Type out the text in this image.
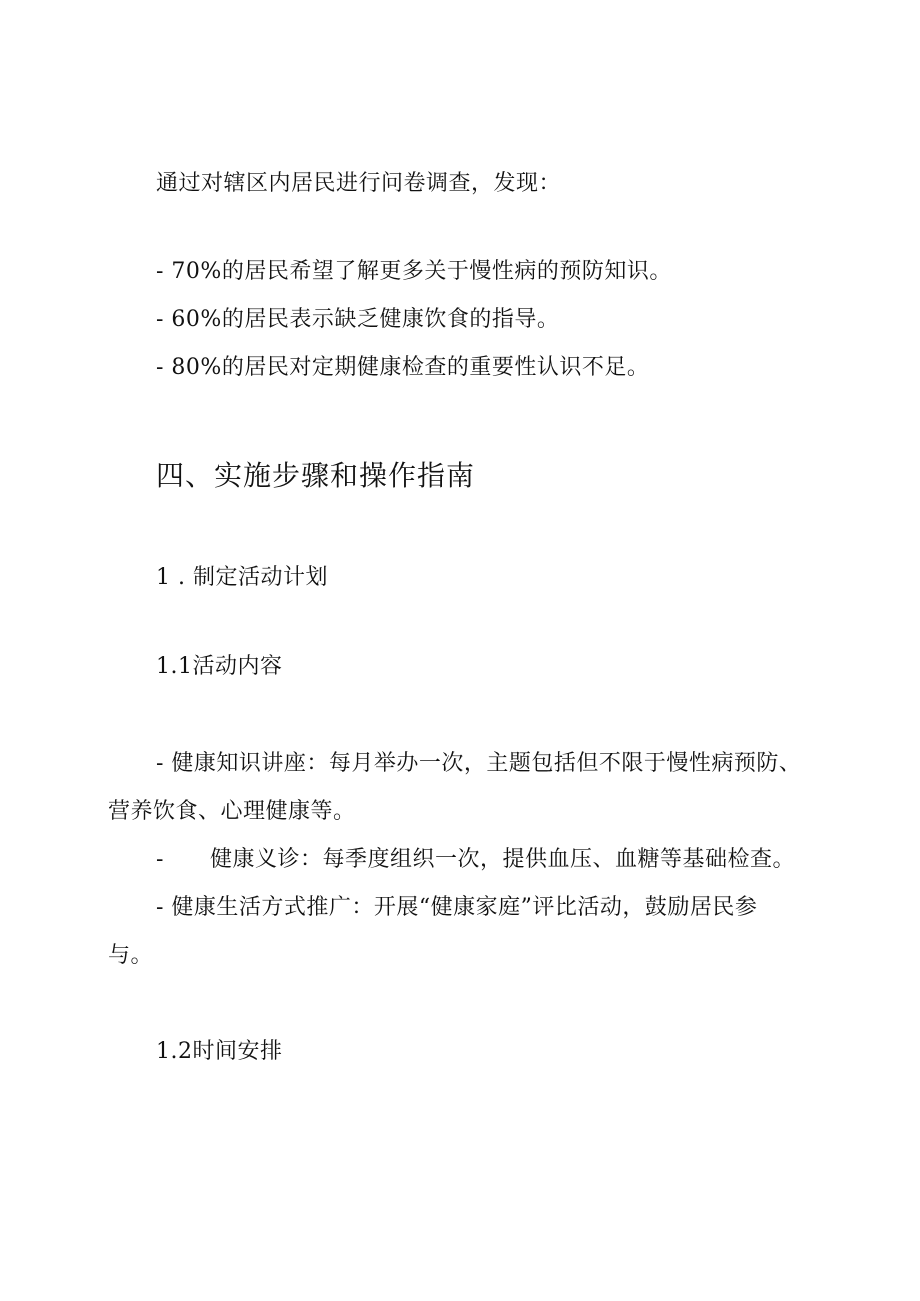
通过对辖区内居民进行问卷调查，发现：
- 70%的居民希望了解更多关于慢性病的预防知识。
- 60%的居民表示缺乏健康饮食的指导。
- 80%的居民对定期健康检查的重要性认识不足。
四、实施步骤和操作指南
1 . 制定活动计划
1.1活动内容
- 健康知识讲座：每月举办一次，主题包括但不限于慢性病预防、
营养饮食、心理健康等。
- 健康义诊：每季度组织一次，提供血压、血糖等基础检查。
- 健康生活方式推广：开展“健康家庭”评比活动，鼓励居民参
与。
1.2时间安排
